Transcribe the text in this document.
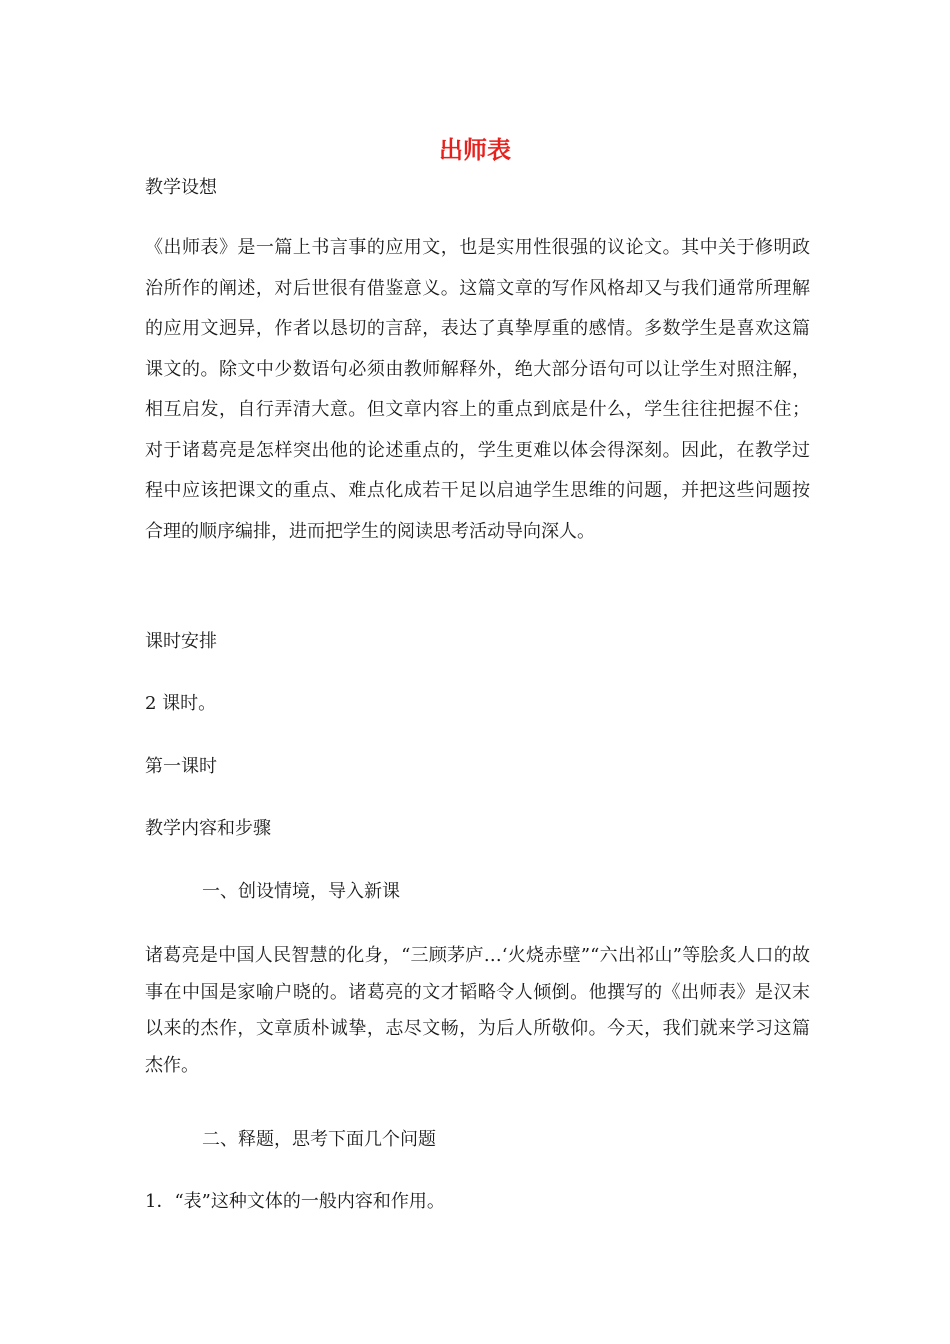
出师表
教学设想
《出师表》是一篇上书言事的应用文，也是实用性很强的议论文。其中关于修明政治所作的阐述，对后世很有借鉴意义。这篇文章的写作风格却又与我们通常所理解的应用文迥异，作者以恳切的言辞，表达了真挚厚重的感情。多数学生是喜欢这篇课文的。除文中少数语句必须由教师解释外，绝大部分语句可以让学生对照注解，相互启发，自行弄清大意。但文章内容上的重点到底是什么，学生往往把握不住；对于诸葛亮是怎样突出他的论述重点的，学生更难以体会得深刻。因此，在教学过程中应该把课文的重点、难点化成若干足以启迪学生思维的问题，并把这些问题按合理的顺序编排，进而把学生的阅读思考活动导向深人。
课时安排
2 课时。
第一课时
教学内容和步骤
一、创设情境，导入新课
诸葛亮是中国人民智慧的化身，“三顾茅庐…‘火烧赤壁”“六出祁山”等脍炙人口的故事在中国是家喻户晓的。诸葛亮的文才韬略令人倾倒。他撰写的《出师表》是汉末以来的杰作，文章质朴诚挚，志尽文畅，为后人所敬仰。今天，我们就来学习这篇杰作。
二、释题，思考下面几个问题
1．“表”这种文体的一般内容和作用。
